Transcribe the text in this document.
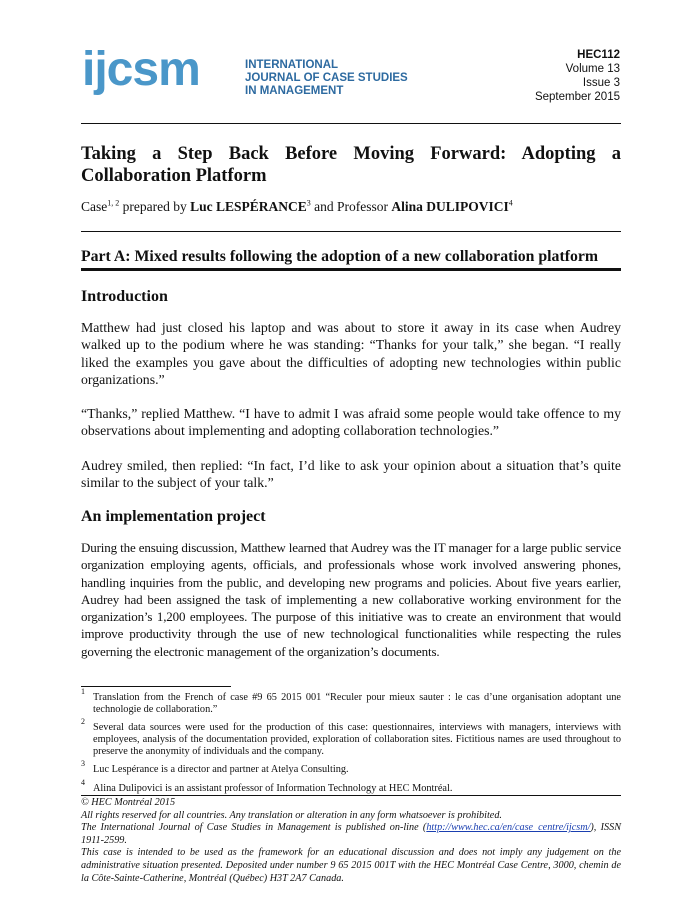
ijcsm	INTERNATIONAL
JOURNAL OF CASE STUDIES
IN MANAGEMENT
HEC112
Volume 13
Issue 3
September 2015
Taking a Step Back Before Moving Forward: Adopting a Collaboration Platform
Case$^{1, 2}$ prepared by Luc LESPÉRANCE$^3$ and Professor Alina DULIPOVICI$^4$
Part A: Mixed results following the adoption of a new collaboration platform
Introduction
Matthew had just closed his laptop and was about to store it away in its case when Audrey walked up to the podium where he was standing: “Thanks for your talk,” she began. “I really liked the examples you gave about the difficulties of adopting new technologies within public organizations.”
“Thanks,” replied Matthew. “I have to admit I was afraid some people would take offence to my observations about implementing and adopting collaboration technologies.”
Audrey smiled, then replied: “In fact, I’d like to ask your opinion about a situation that’s quite similar to the subject of your talk.”
An implementation project
During the ensuing discussion, Matthew learned that Audrey was the IT manager for a large public service organization employing agents, officials, and professionals whose work involved answering phones, handling inquiries from the public, and developing new programs and policies. About five years earlier, Audrey had been assigned the task of implementing a new collaborative working environment for the organization’s 1,200 employees. The purpose of this initiative was to create an environment that would improve productivity through the use of new technological functionalities while respecting the rules governing the electronic management of the organization’s documents.
1
Translation from the French of case #9 65 2015 001 “Reculer pour mieux sauter : le cas d’une organisation adoptant une technologie de collaboration.”
2
Several data sources were used for the production of this case: questionnaires, interviews with managers, interviews with employees, analysis of the documentation provided, exploration of collaboration sites. Fictitious names are used throughout to preserve the anonymity of individuals and the company.
3
Luc Lespérance is a director and partner at Atelya Consulting.
4
Alina Dulipovici is an assistant professor of Information Technology at HEC Montréal.
© HEC Montréal 2015
All rights reserved for all countries. Any translation or alteration in any form whatsoever is prohibited.
The International Journal of Case Studies in Management is published on-line (http://www.hec.ca/en/case_centre/ijcsm/), ISSN 1911-2599.
This case is intended to be used as the framework for an educational discussion and does not imply any judgement on the administrative situation presented. Deposited under number 9 65 2015 001T with the HEC Montréal Case Centre, 3000, chemin de la Côte-Sainte-Catherine, Montréal (Québec) H3T 2A7 Canada.
